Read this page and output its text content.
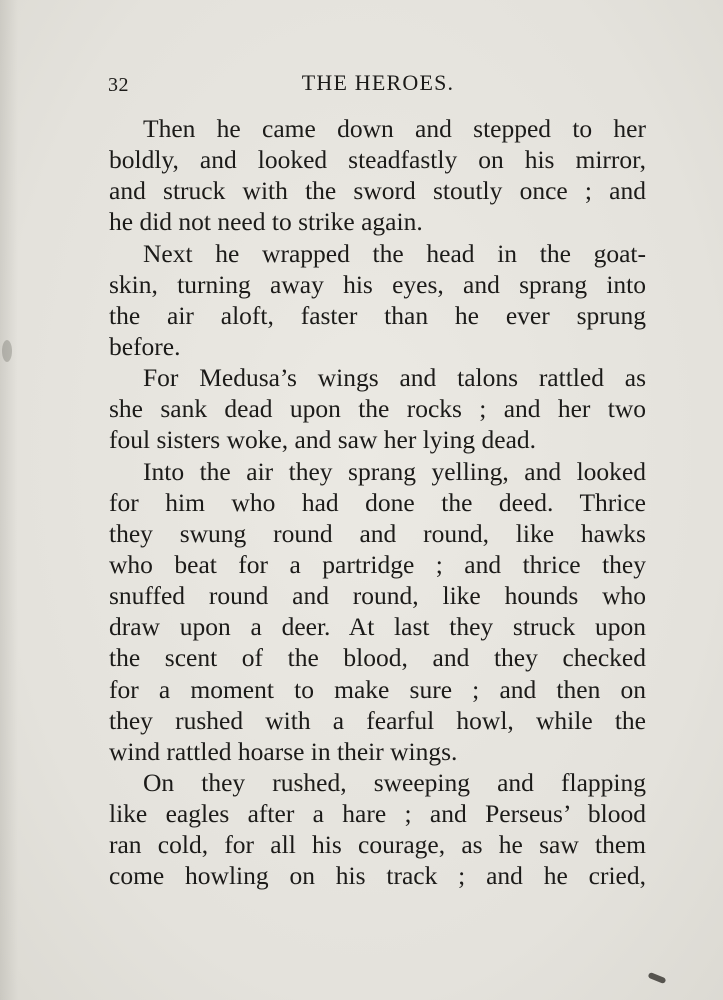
32	THE HEROES.
Then he came down and stepped to her
boldly, and looked steadfastly on his mirror,
and struck with the sword stoutly once ; and
he did not need to strike again.
Next he wrapped the head in the goat-
skin, turning away his eyes, and sprang into
the air aloft, faster than he ever sprung
before.
For Medusa’s wings and talons rattled as
she sank dead upon the rocks ; and her two
foul sisters woke, and saw her lying dead.
Into the air they sprang yelling, and looked
for him who had done the deed. Thrice
they swung round and round, like hawks
who beat for a partridge ; and thrice they
snuffed round and round, like hounds who
draw upon a deer. At last they struck upon
the scent of the blood, and they checked
for a moment to make sure ; and then on
they rushed with a fearful howl, while the
wind rattled hoarse in their wings.
On they rushed, sweeping and flapping
like eagles after a hare ; and Perseus’ blood
ran cold, for all his courage, as he saw them
come howling on his track ; and he cried,
